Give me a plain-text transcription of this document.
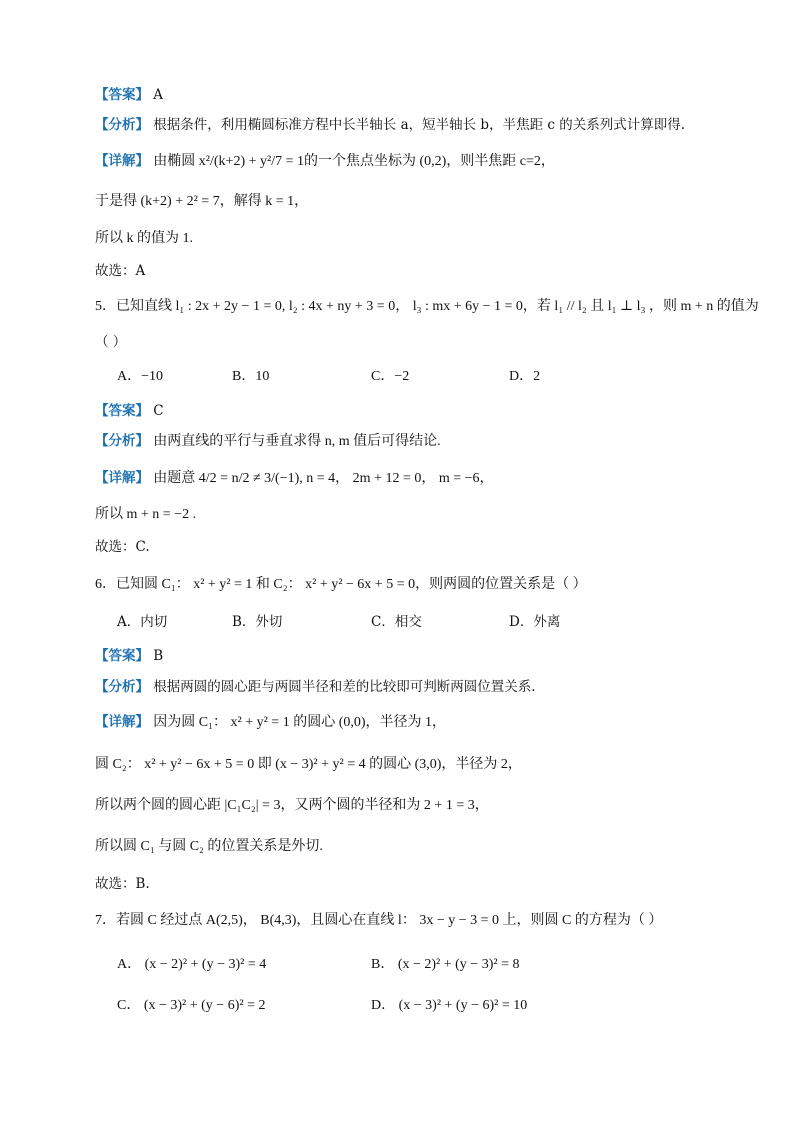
【答案】 A
【分析】 根据条件，利用椭圆标准方程中长半轴长 a，短半轴长 b，半焦距 c 的关系列式计算即得.
【详解】 由椭圆 x²/(k+2) + y²/7 = 1的一个焦点坐标为 (0,2)，则半焦距 c=2，
于是得 (k+2) + 2² = 7，解得 k = 1，
所以 k 的值为 1.
故选：A
5．已知直线 l₁ : 2x + 2y − 1 = 0, l₂ : 4x + ny + 3 = 0， l₃ : mx + 6y − 1 = 0，若 l₁ // l₂ 且 l₁ ⊥ l₃ ，则 m + n 的值为
（ ）
A．−10	B．10	C．−2	D．2
【答案】 C
【分析】 由两直线的平行与垂直求得 n, m 值后可得结论.
【详解】 由题意 4/2 = n/2 ≠ 3/(−1), n = 4， 2m + 12 = 0， m = −6，
所以 m + n = −2 .
故选：C.
6．已知圆 C₁： x² + y² = 1 和 C₂： x² + y² − 6x + 5 = 0，则两圆的位置关系是（ ）
A．内切	B．外切	C．相交	D．外离
【答案】 B
【分析】 根据两圆的圆心距与两圆半径和差的比较即可判断两圆位置关系.
【详解】 因为圆 C₁： x² + y² = 1 的圆心 (0,0)，半径为 1，
圆 C₂： x² + y² − 6x + 5 = 0 即 (x − 3)² + y² = 4 的圆心 (3,0)，半径为 2，
所以两个圆的圆心距 |C₁C₂| = 3，又两个圆的半径和为 2 + 1 = 3，
所以圆 C₁ 与圆 C₂ 的位置关系是外切.
故选：B.
7．若圆 C 经过点 A(2,5)， B(4,3)，且圆心在直线 l： 3x − y − 3 = 0 上，则圆 C 的方程为（ ）
A． (x − 2)² + (y − 3)² = 4	B． (x − 2)² + (y − 3)² = 8
C． (x − 3)² + (y − 6)² = 2	D． (x − 3)² + (y − 6)² = 10
